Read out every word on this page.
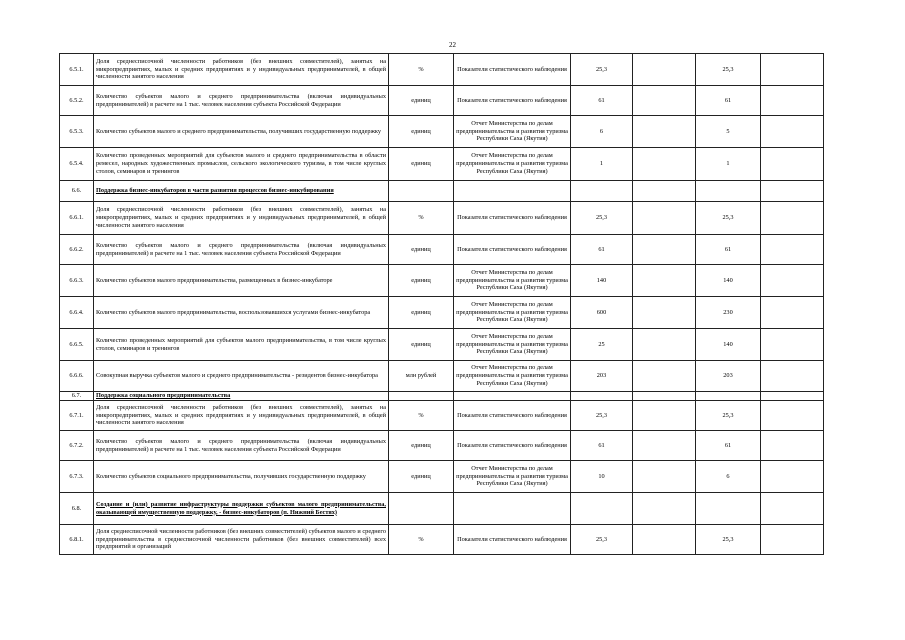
22
6.5.1.	Доля среднесписочной численности работников (без внешних совместителей), занятых на микропредприятиях, малых и средних предприятиях и у индивидуальных предпринимателей, в общей численности занятого населения	%	Показатели статистического наблюдения	25,3		25,3	
6.5.2.	Количество субъектов малого и среднего предпринимательства (включая индивидуальных предпринимателей) в расчете на 1 тыс. человек населения субъекта Российской Федерации	единиц	Показатели статистического наблюдения	61		61	
6.5.3.	Количество субъектов малого и среднего предпринимательства, получивших государственную поддержку	единиц	Отчет Министерства по делам предпринимательства и развития туризма Республики Саха (Якутия)	6		5	
6.5.4.	Количество проведенных мероприятий для субъектов малого и среднего предпринимательства в области ремесел, народных художественных промыслов, сельского экологического туризма, в том числе круглых столов, семинаров и тренингов	единиц	Отчет Министерства по делам предпринимательства и развития туризма Республики Саха (Якутия)	1		1	
6.6.	Поддержка бизнес-инкубаторов в части развития процессов бизнес-инкубирования						
6.6.1.	Доля среднесписочной численности работников (без внешних совместителей), занятых на микропредприятиях, малых и средних предприятиях и у индивидуальных предпринимателей, в общей численности занятого населения	%	Показатели статистического наблюдения	25,3		25,3	
6.6.2.	Количество субъектов малого и среднего предпринимательства (включая индивидуальных предпринимателей) в расчете на 1 тыс. человек населения субъекта Российской Федерации	единиц	Показатели статистического наблюдения	61		61	
6.6.3.	Количество субъектов малого предпринимательства, размещенных в бизнес-инкубаторе	единиц	Отчет Министерства по делам предпринимательства и развития туризма Республики Саха (Якутия)	140		140	
6.6.4.	Количество субъектов малого предпринимательства, воспользовавшихся услугами бизнес-инкубатора	единиц	Отчет Министерства по делам предпринимательства и развития туризма Республики Саха (Якутия)	600		230	
6.6.5.	Количество проведенных мероприятий для субъектов малого предпринимательства, в том числе круглых столов, семинаров и тренингов	единиц	Отчет Министерства по делам предпринимательства и развития туризма Республики Саха (Якутия)	25		140	
6.6.6.	Совокупная выручка субъектов малого и среднего предпринимательства - резидентов бизнес-инкубатора	млн рублей	Отчет Министерства по делам предпринимательства и развития туризма Республики Саха (Якутия)	203		203	
6.7.	Поддержка социального предпринимательства						
6.7.1.	Доля среднесписочной численности работников (без внешних совместителей), занятых на микропредприятиях, малых и средних предприятиях и у индивидуальных предпринимателей, в общей численности занятого населения	%	Показатели статистического наблюдения	25,3		25,3	
6.7.2.	Количество субъектов малого и среднего предпринимательства (включая индивидуальных предпринимателей) в расчете на 1 тыс. человек населения субъекта Российской Федерации	единиц	Показатели статистического наблюдения	61		61	
6.7.3.	Количество субъектов социального предпринимательства, получивших государственную поддержку	единиц	Отчет Министерства по делам предпринимательства и развития туризма Республики Саха (Якутия)	10		6	
6.8.	Создание и (или) развитие инфраструктуры поддержки субъектов малого предпринимательства, оказывающей имущественную поддержку, - бизнес-инкубаторов (п. Нижний Бестях)						
6.8.1.	Доля среднесписочной численности работников (без внешних совместителей) субъектов малого и среднего предпринимательства в среднесписочной численности работников (без внешних совместителей) всех предприятий и организаций	%	Показатели статистического наблюдения	25,3		25,3	
